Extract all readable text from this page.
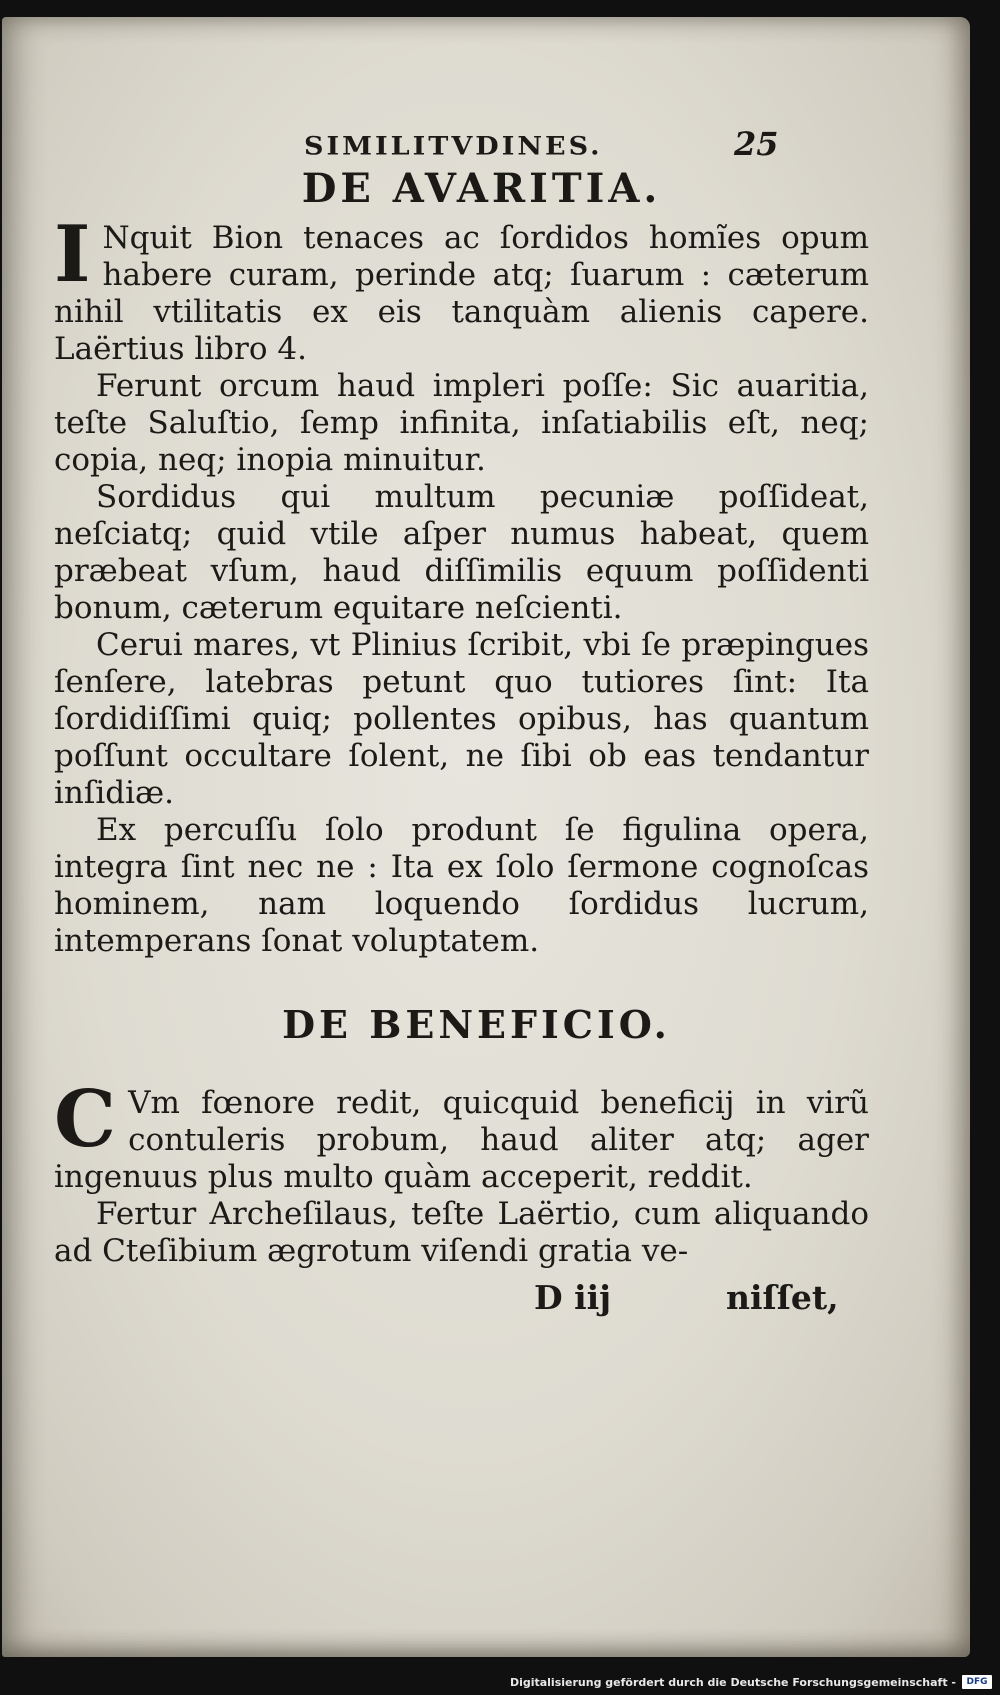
SIMILITVDINES.	25
DE AVARITIA.

I Nquit Bion tenaces ac ſordidos homĩes opum habere curam, perinde atq; ſuarum : cæterum nihil vtilitatis ex eis tanquàm alienis capere. Laërtius libro 4.

Ferunt orcum haud impleri poſſe: Sic auaritia, teſte Saluſtio, ſemp infinita, inſatiabilis eſt, neq; copia, neq; inopia minuitur.

Sordidus qui multum pecuniæ poſſideat, neſciatq; quid vtile aſper numus habeat, quem præbeat vſum, haud diſſimilis equum poſſidenti bonum, cæterum equitare neſcienti.

Cerui mares, vt Plinius ſcribit, vbi ſe præpingues ſenſere, latebras petunt quo tutiores ſint: Ita ſordidiſſimi quiq; pollentes opibus, has quantum poſſunt occultare ſolent, ne ſibi ob eas tendantur inſidiæ.

Ex percuſſu ſolo produnt ſe figulina opera, integra ſint nec ne : Ita ex ſolo ſermone cognoſcas hominem, nam loquendo ſordidus lucrum, intemperans ſonat voluptatem.

DE BENEFICIO.

C Vm fœnore redit, quicquid beneficij in virũ contuleris probum, haud aliter atq; ager ingenuus plus multo quàm acceperit, reddit.

Fertur Archeſilaus, teſte Laërtio, cum aliquando ad Cteſibium ægrotum viſendi gratia ve-

D iij	niſſet,
Digitalisierung gefördert durch die Deutsche Forschungsgemeinschaft -	DFG
